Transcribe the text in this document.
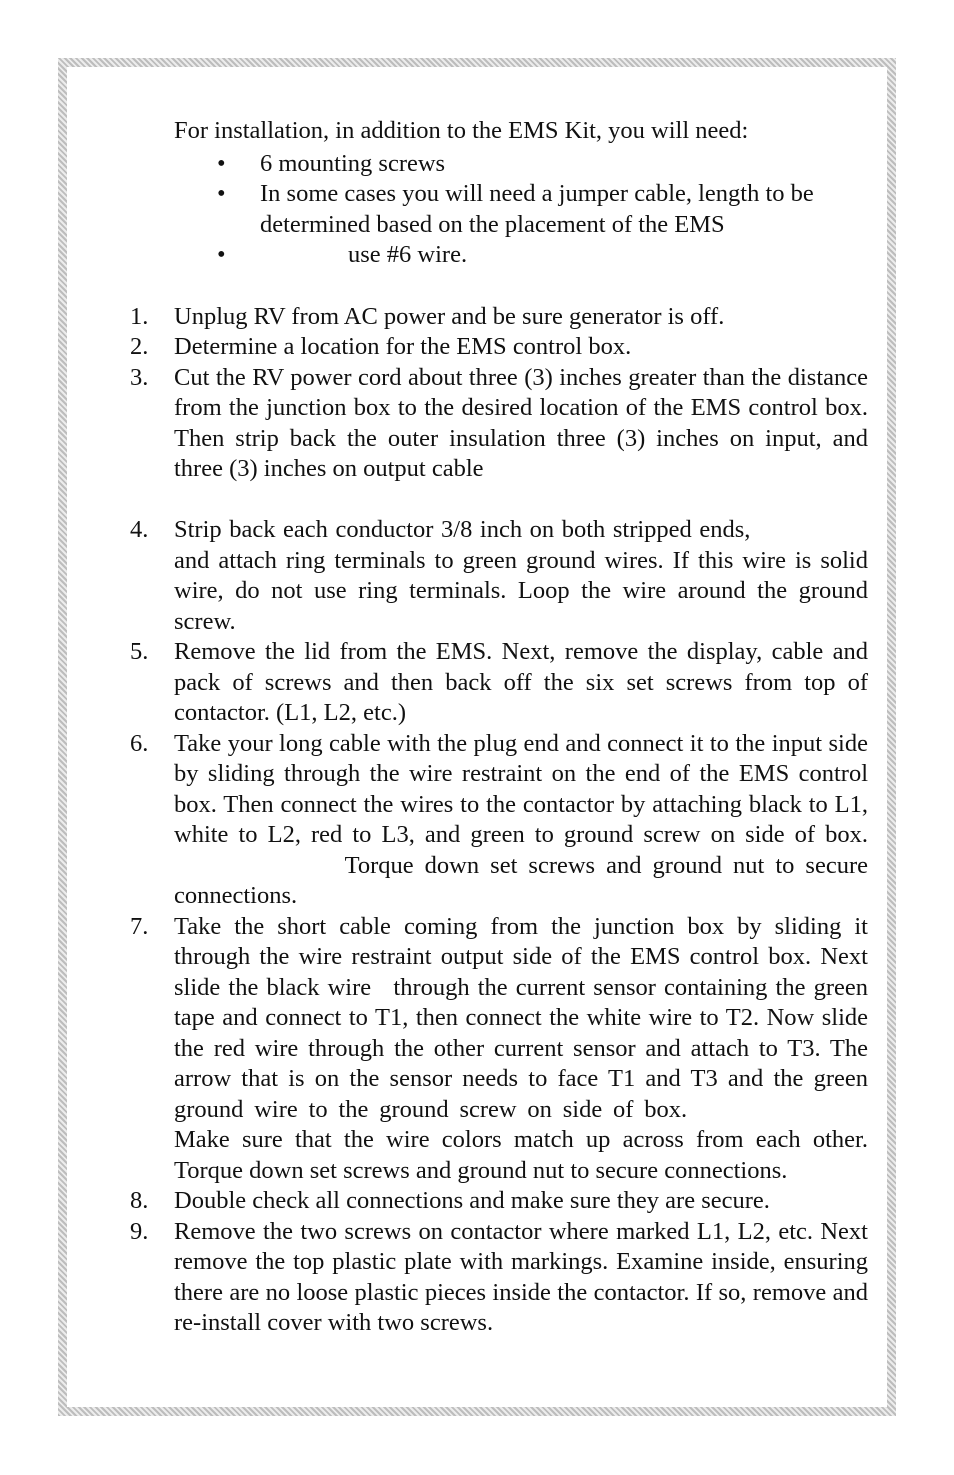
For installation, in addition to the EMS Kit, you will need:

• 6 mounting screws
• In some cases you will need a jumper cable, length to be determined based on the placement of the EMS
•	use #6 wire.
1. Unplug RV from AC power and be sure generator is off.
2. Determine a location for the EMS control box.
3. Cut the RV power cord about three (3) inches greater than the distance from the junction box to the desired location of the EMS control box. Then strip back the outer insulation three (3) inches on input, and three (3) inches on output cable
4. Strip back each conductor 3/8 inch on both stripped ends,  and attach ring terminals to green ground wires. If this wire is solid wire, do not use ring terminals. Loop the wire around the ground screw.
5. Remove the lid from the EMS. Next, remove the display, cable and pack of screws and then back off the six set screws from top of contactor. (L1, L2, etc.)
6. Take your long cable with the plug end and connect it to the input side by sliding through the wire restraint on the end of the EMS control box. Then connect the wires to the contactor by attaching black to L1, white to L2, red to L3, and green to ground screw on side of box.  Torque down set screws and ground nut to secure connections.
7. Take the short cable coming from the junction box by sliding it through the wire restraint output side of the EMS control box. Next slide the black wire through the current sensor containing the green tape and connect to T1, then connect the white wire to T2. Now slide the red wire through the other current sensor and attach to T3. The arrow that is on the sensor needs to face T1 and T3 and the green ground wire to the ground screw on side of box.  Make sure that the wire colors match up across from each other. Torque down set screws and ground nut to secure connections.
8. Double check all connections and make sure they are secure.
9. Remove the two screws on contactor where marked L1, L2, etc. Next remove the top plastic plate with markings. Examine inside, ensuring there are no loose plastic pieces inside the contactor. If so, remove and re-install cover with two screws.
